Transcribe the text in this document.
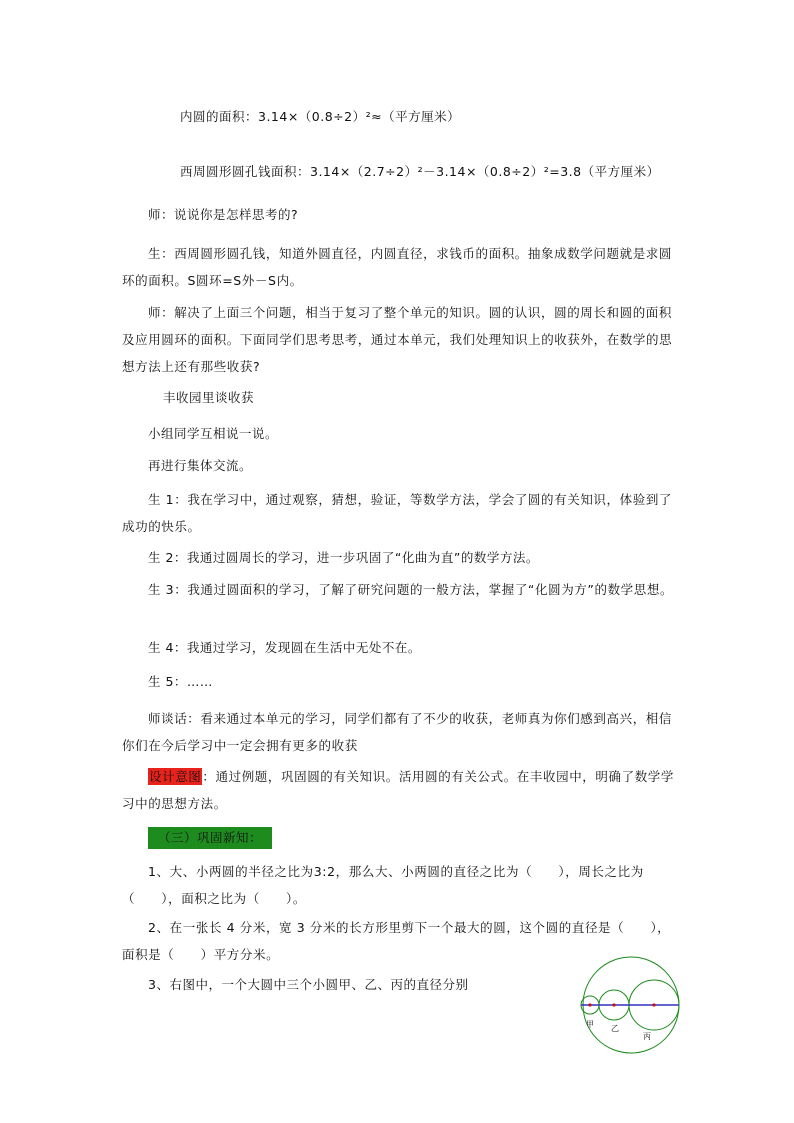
内圆的面积：3.14×（0.8÷2）²≈（平方厘米）
西周圆形圆孔钱面积：3.14×（2.7÷2）²－3.14×（0.8÷2）²=3.8（平方厘米）
师：说说你是怎样思考的?
生：西周圆形圆孔钱，知道外圆直径，内圆直径，求钱币的面积。抽象成数学问题就是求圆环的面积。S圆环=S外－S内。
师：解决了上面三个问题，相当于复习了整个单元的知识。圆的认识，圆的周长和圆的面积及应用圆环的面积。下面同学们思考思考，通过本单元，我们处理知识上的收获外，在数学的思想方法上还有那些收获?
丰收园里谈收获
小组同学互相说一说。
再进行集体交流。
生 1：我在学习中，通过观察，猜想，验证，等数学方法，学会了圆的有关知识，体验到了成功的快乐。
生 2：我通过圆周长的学习，进一步巩固了“化曲为直”的数学方法。
生 3：我通过圆面积的学习，了解了研究问题的一般方法，掌握了“化圆为方”的数学思想。
生 4：我通过学习，发现圆在生活中无处不在。
生 5：……
师谈话：看来通过本单元的学习，同学们都有了不少的收获，老师真为你们感到高兴，相信你们在今后学习中一定会拥有更多的收获
设计意图：通过例题，巩固圆的有关知识。活用圆的有关公式。在丰收园中，明确了数学学习中的思想方法。
（三）巩固新知：
1、大、小两圆的半径之比为3:2，那么大、小两圆的直径之比为（　　），周长之比为（　　），面积之比为（　　）。
2、在一张长 4 分米，宽 3 分米的长方形里剪下一个最大的圆，这个圆的直径是（　　），面积是（　　）平方分米。
3、右图中，一个大圆中三个小圆甲、乙、丙的直径分别
甲 乙
丙
